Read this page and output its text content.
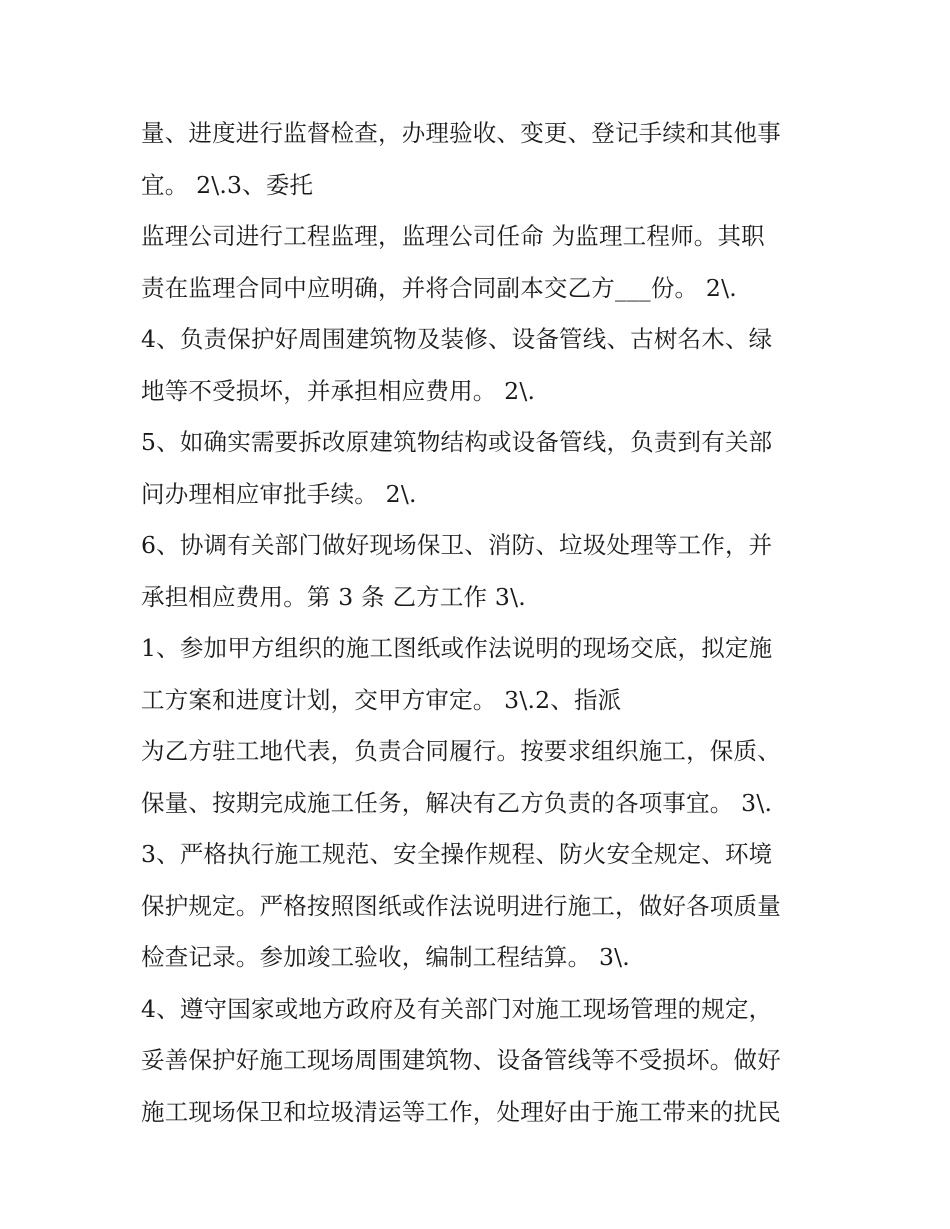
量、进度进行监督检查，办理验收、变更、登记手续和其他事
宜。 2\.3、委托
监理公司进行工程监理，监理公司任命 为监理工程师。其职
责在监理合同中应明确，并将合同副本交乙方___份。 2\.
4、负责保护好周围建筑物及装修、设备管线、古树名木、绿
地等不受损坏，并承担相应费用。 2\.
5、如确实需要拆改原建筑物结构或设备管线，负责到有关部
问办理相应审批手续。 2\.
6、协调有关部门做好现场保卫、消防、垃圾处理等工作，并
承担相应费用。第 3 条 乙方工作 3\.
1、参加甲方组织的施工图纸或作法说明的现场交底，拟定施
工方案和进度计划，交甲方审定。 3\.2、指派
为乙方驻工地代表，负责合同履行。按要求组织施工，保质、
保量、按期完成施工任务，解决有乙方负责的各项事宜。 3\.
3、严格执行施工规范、安全操作规程、防火安全规定、环境
保护规定。严格按照图纸或作法说明进行施工，做好各项质量
检查记录。参加竣工验收，编制工程结算。 3\.
4、遵守国家或地方政府及有关部门对施工现场管理的规定，
妥善保护好施工现场周围建筑物、设备管线等不受损坏。做好
施工现场保卫和垃圾清运等工作，处理好由于施工带来的扰民
